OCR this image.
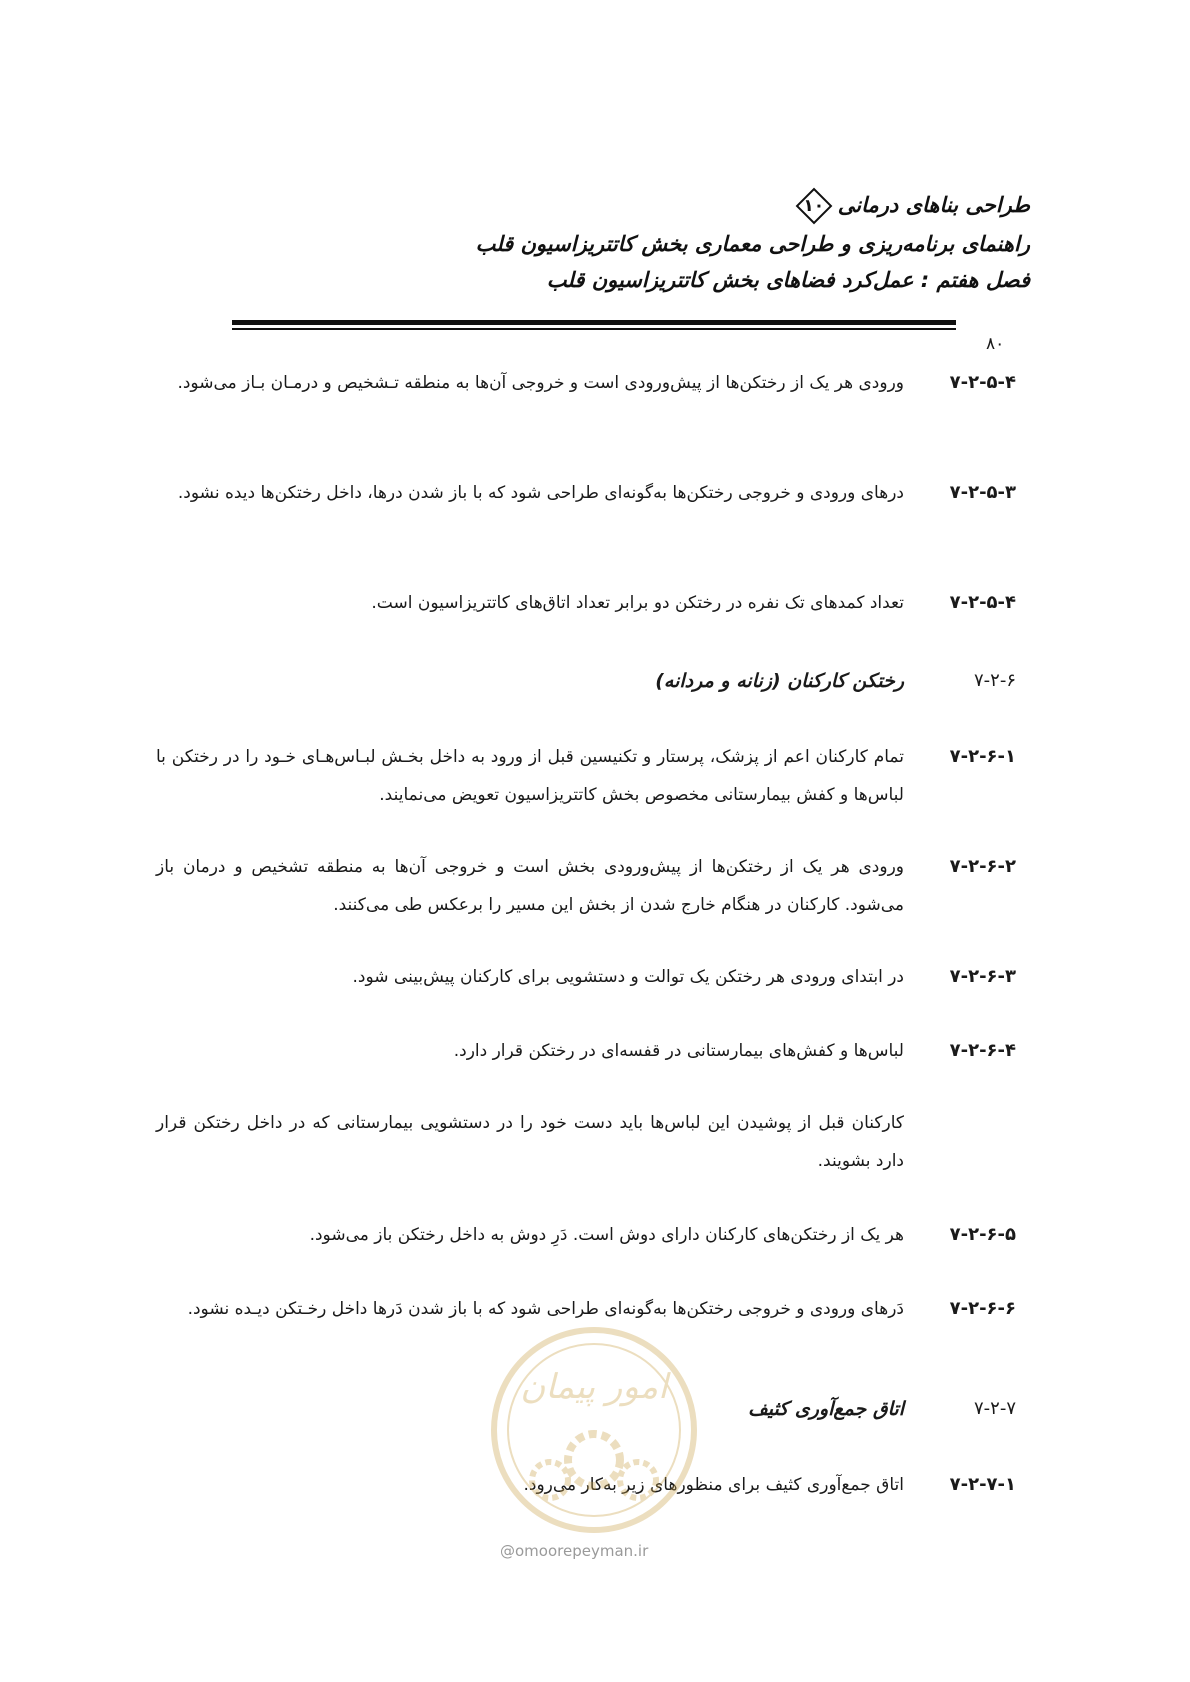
طراحی بناهای درمانی
۱۰
راهنمای برنامه‌ریزی و طراحی معماری بخش کاتتریزاسیون قلب
فصل هفتم : عمل‌کرد فضاهای بخش کاتتریزاسیون قلب
۸۰
۷-۲-۵-۴
ورودی هر یک از رختکن‌ها از پیش‌ورودی است و خروجی آن‌ها به منطقه تـشخیص و درمـان بـاز می‌شود.
۷-۲-۵-۳
درهای ورودی و خروجی رختکن‌ها به‌گونه‌ای طراحی شود که با باز شدن درها، داخل رختکن‌ها دیده نشود.
۷-۲-۵-۴
تعداد کمدهای تک نفره در رختکن دو برابر تعداد اتاق‌های کاتتریزاسیون است.
۷-۲-۶
رختکن کارکنان (زنانه و مردانه)
۷-۲-۶-۱
تمام کارکنان اعم از پزشک، پرستار و تکنیسین قبل از ورود به داخل بخـش لبـاس‌هـای خـود را در رختکن با لباس‌ها و کفش بیمارستانی مخصوص بخش کاتتریزاسیون تعویض می‌نمایند.
۷-۲-۶-۲
ورودی هر یک از رختکن‌ها از پیش‌ورودی بخش است و خروجی آن‌ها به منطقه تشخیص و درمان باز می‌شود. کارکنان در هنگام خارج شدن از بخش این مسیر را برعکس طی می‌کنند.
۷-۲-۶-۳
در ابتدای ورودی هر رختکن یک توالت و دستشویی برای کارکنان پیش‌بینی شود.
۷-۲-۶-۴
لباس‌ها و کفش‌های بیمارستانی در قفسه‌ای در رختکن قرار دارد.
کارکنان قبل از پوشیدن این لباس‌ها باید دست خود را در دستشویی بیمارستانی که در داخل رختکن قرار دارد بشویند.
۷-۲-۶-۵
هر یک از رختکن‌های کارکنان دارای دوش است. دَرِ دوش به داخل رختکن باز می‌شود.
۷-۲-۶-۶
دَرهای ورودی و خروجی رختکن‌ها به‌گونه‌ای طراحی شود که با باز شدن دَرها داخل رخـتکن دیـده نشود.
۷-۲-۷
اتاق جمع‌آوری کثیف
۷-۲-۷-۱
اتاق جمع‌آوری کثیف برای منظورهای زیر به‌کار می‌رود.
امور پیمان
@omoorepeyman.ir
